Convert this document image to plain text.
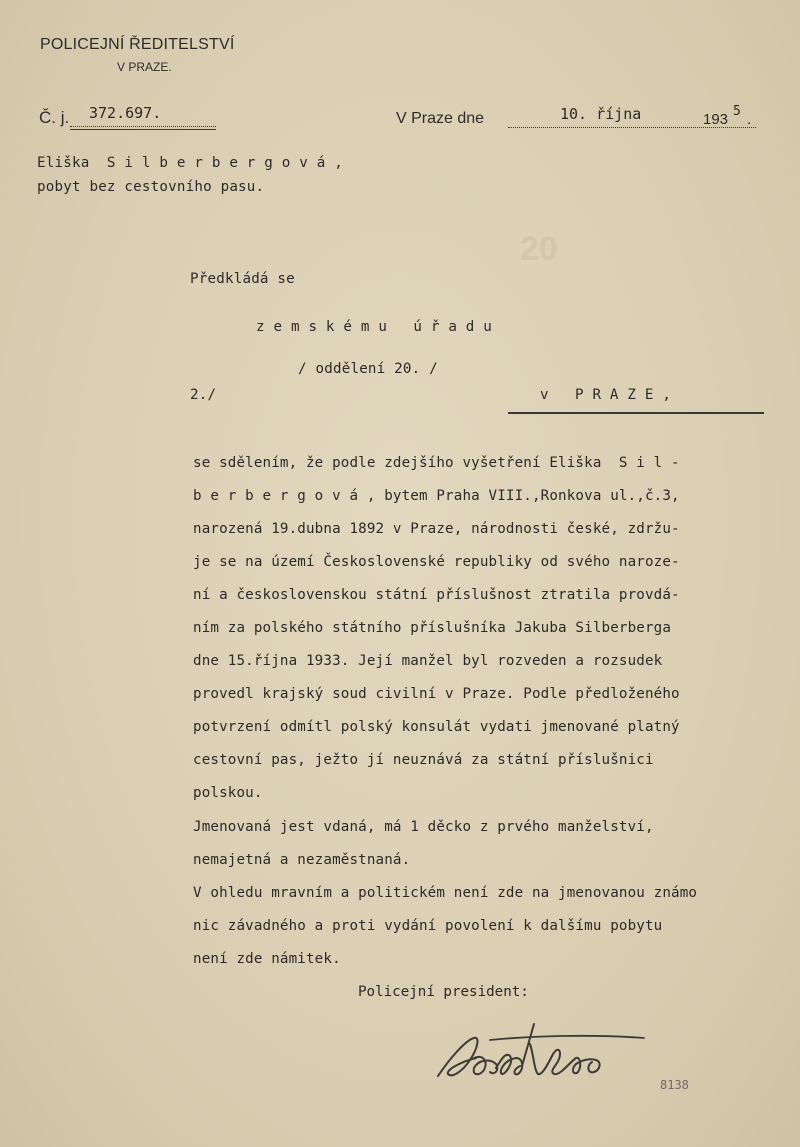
20
POLICEJNÍ ŘEDITELSTVÍ
V PRAZE.
Č. j. 372.697.	V Praze dne	10. října	193 .
5
Eliška  S i l b e r b e r g o v á ,
pobyt bez cestovního pasu.
Předkládá se
z e m s k é m u   ú ř a d u
/ oddělení 20. /
2./	v   P R A Z E ,
se sdělením, že podle zdejšího vyšetření Eliška  S i l -
b e r b e r g o v á , bytem Praha VIII.,Ronkova ul.,č.3,
narozená 19.dubna 1892 v Praze, národnosti české, zdržu-
je se na území Československé republiky od svého naroze-
ní a československou státní příslušnost ztratila provdá-
ním za polského státního příslušníka Jakuba Silberberga
dne 15.října 1933. Její manžel byl rozveden a rozsudek
provedl krajský soud civilní v Praze. Podle předloženého
potvrzení odmítl polský konsulát vydati jmenované platný
cestovní pas, ježto jí neuznává za státní příslušnici
polskou.
Jmenovaná jest vdaná, má 1 děcko z prvého manželství,
nemajetná a nezaměstnaná.
V ohledu mravním a politickém není zde na jmenovanou známo
nic závadného a proti vydání povolení k dalšímu pobytu
není zde námitek.
Policejní president:
8138
